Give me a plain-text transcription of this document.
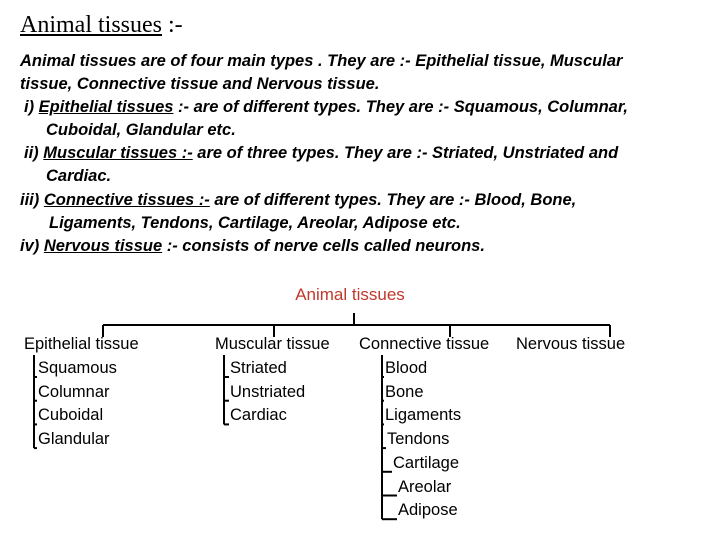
Animal tissues :-
Animal tissues are of four main types . They are :- Epithelial tissue, Muscular
tissue, Connective tissue and Nervous tissue.
i) Epithelial tissues :- are of different types. They are :- Squamous, Columnar,
Cuboidal, Glandular etc.
ii) Muscular tissues :- are of three types. They are :- Striated, Unstriated and
Cardiac.
iii) Connective tissues :- are of different types. They are :- Blood, Bone,
Ligaments, Tendons, Cartilage, Areolar, Adipose etc.
iv) Nervous tissue :- consists of nerve cells called neurons.
Animal tissues
Epithelial tissue
Squamous
Columnar
Cuboidal
Glandular
Muscular tissue
Striated
Unstriated
Cardiac
Connective tissue
Blood
Bone
Ligaments
Tendons
Cartilage
Areolar
Adipose
Nervous tissue
